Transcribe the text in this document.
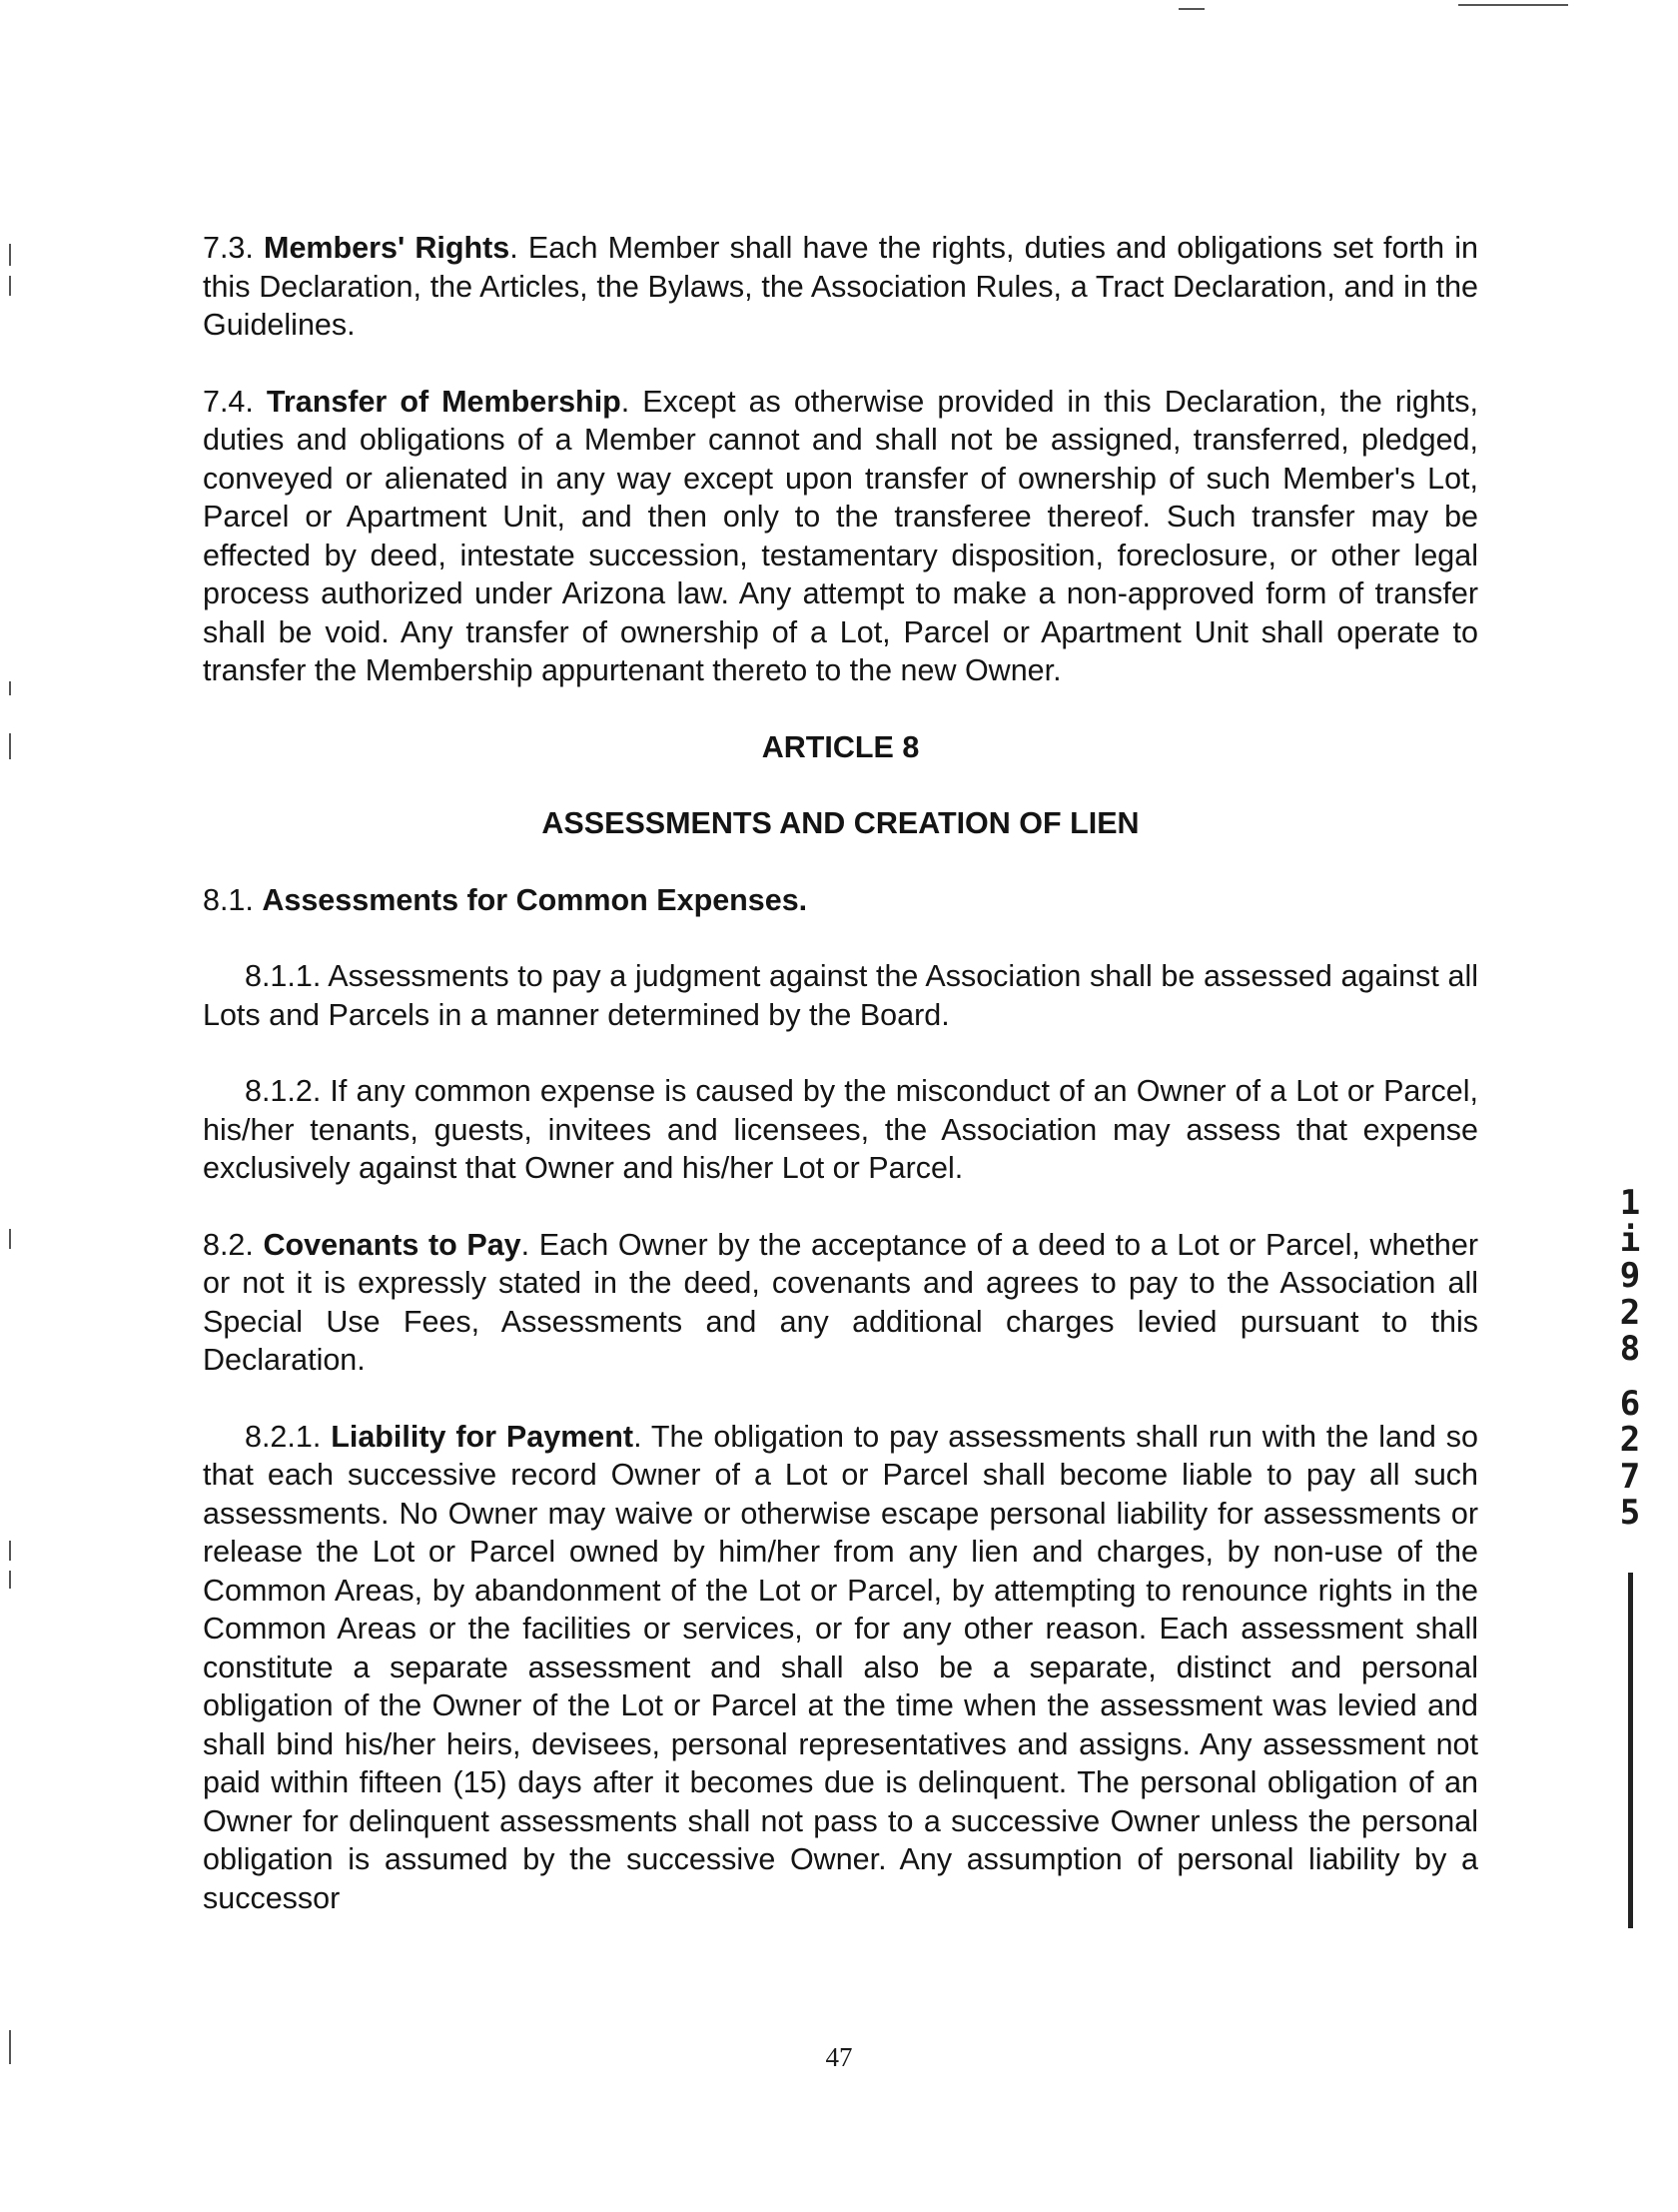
7.3. Members' Rights. Each Member shall have the rights, duties and obligations set forth in this Declaration, the Articles, the Bylaws, the Association Rules, a Tract Declaration, and in the Guidelines.

7.4. Transfer of Membership. Except as otherwise provided in this Declaration, the rights, duties and obligations of a Member cannot and shall not be assigned, transferred, pledged, conveyed or alienated in any way except upon transfer of ownership of such Member's Lot, Parcel or Apartment Unit, and then only to the transferee thereof. Such transfer may be effected by deed, intestate succession, testamentary disposition, foreclosure, or other legal process authorized under Arizona law. Any attempt to make a non-approved form of transfer shall be void. Any transfer of ownership of a Lot, Parcel or Apartment Unit shall operate to transfer the Membership appurtenant thereto to the new Owner.

ARTICLE 8

ASSESSMENTS AND CREATION OF LIEN

8.1. Assessments for Common Expenses.

8.1.1. Assessments to pay a judgment against the Association shall be assessed against all Lots and Parcels in a manner determined by the Board.

8.1.2. If any common expense is caused by the misconduct of an Owner of a Lot or Parcel, his/her tenants, guests, invitees and licensees, the Association may assess that expense exclusively against that Owner and his/her Lot or Parcel.

8.2. Covenants to Pay. Each Owner by the acceptance of a deed to a Lot or Parcel, whether or not it is expressly stated in the deed, covenants and agrees to pay to the Association all Special Use Fees, Assessments and any additional charges levied pursuant to this Declaration.

8.2.1. Liability for Payment. The obligation to pay assessments shall run with the land so that each successive record Owner of a Lot or Parcel shall become liable to pay all such assessments. No Owner may waive or otherwise escape personal liability for assessments or release the Lot or Parcel owned by him/her from any lien and charges, by non-use of the Common Areas, by abandonment of the Lot or Parcel, by attempting to renounce rights in the Common Areas or the facilities or services, or for any other reason. Each assessment shall constitute a separate assessment and shall also be a separate, distinct and personal obligation of the Owner of the Lot or Parcel at the time when the assessment was levied and shall bind his/her heirs, devisees, personal representatives and assigns. Any assessment not paid within fifteen (15) days after it becomes due is delinquent. The personal obligation of an Owner for delinquent assessments shall not pass to a successive Owner unless the personal obligation is assumed by the successive Owner. Any assumption of personal liability by a successor

1
i
9
2
8
6
2
7
5
47
